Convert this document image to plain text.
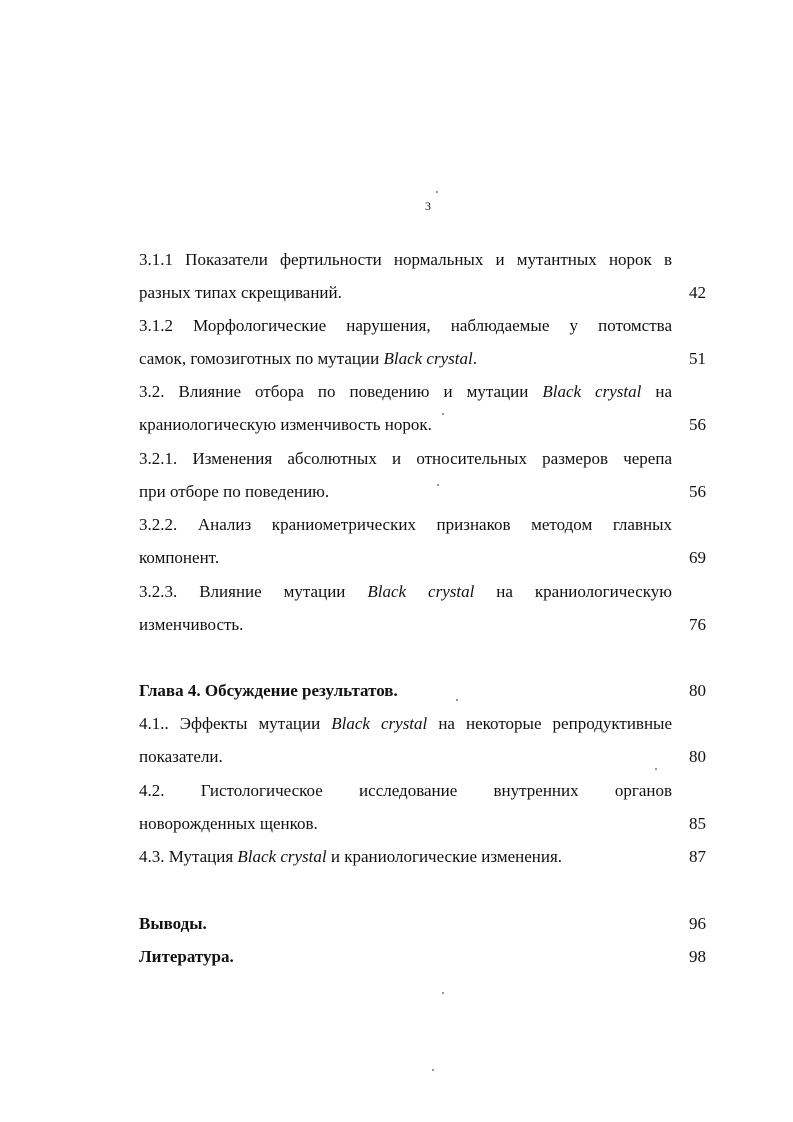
3
3.1.1 Показатели фертильности нормальных и мутантных норок в
разных типах скрещиваний.	42
3.1.2 Морфологические нарушения, наблюдаемые у потомства
самок, гомозиготных по мутации Black crystal.	51
3.2. Влияние отбора по поведению и мутации Black crystal на
краниологическую изменчивость норок.	56
3.2.1. Изменения абсолютных и относительных размеров черепа
при отборе по поведению.	56
3.2.2. Анализ краниометрических признаков методом главных
компонент.	69
3.2.3. Влияние мутации Black crystal на краниологическую
изменчивость.	76
Глава 4. Обсуждение результатов.	80
4.1.. Эффекты мутации Black crystal на некоторые репродуктивные
показатели.	80
4.2. Гистологическое исследование внутренних органов
новорожденных щенков.	85
4.3. Мутация Black crystal и краниологические изменения.	87
Выводы.	96
Литература.	98
